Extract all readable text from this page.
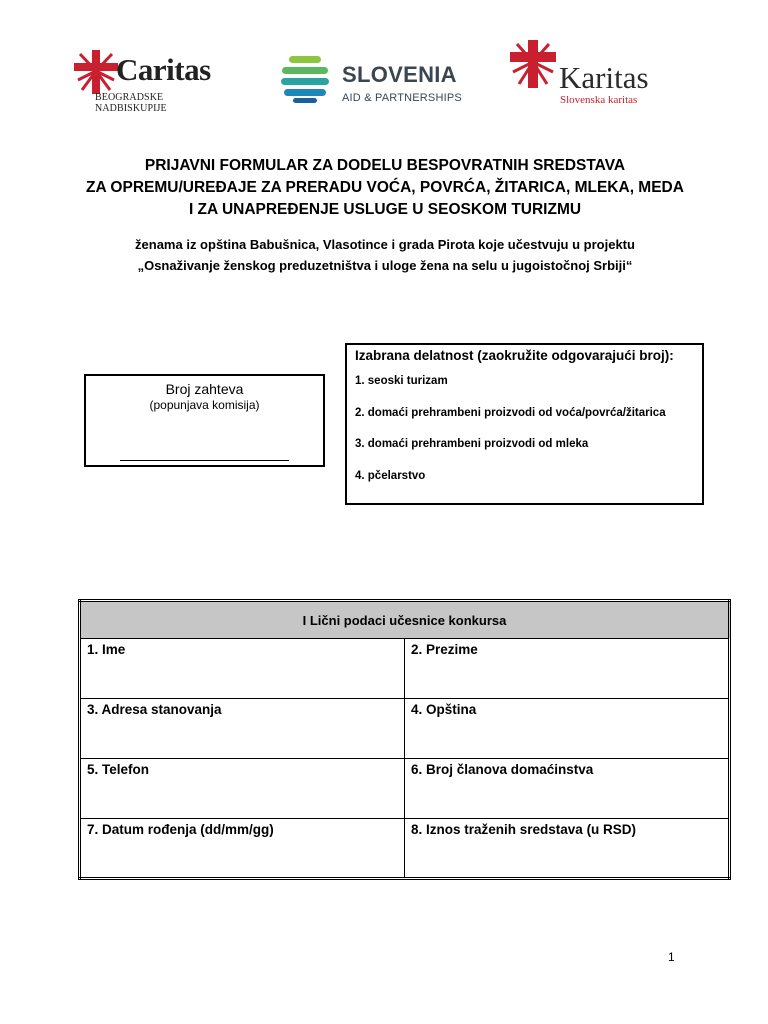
Caritas
BEOGRADSKE NADBISKUPIJE
SLOVENIA
AID & PARTNERSHIPS
Karitas
Slovenska karitas
PRIJAVNI FORMULAR ZA DODELU BESPOVRATNIH SREDSTAVA
ZA OPREMU/UREĐAJE ZA PRERADU VOĆA, POVRĆA, ŽITARICA, MLEKA, MEDA
I ZA UNAPREĐENJE USLUGE U SEOSKOM TURIZMU
ženama iz opština Babušnica, Vlasotince i grada Pirota koje učestvuju u projektu
„Osnaživanje ženskog preduzetništva i uloge žena na selu u jugoistočnoj Srbiji“
Broj zahteva
(popunjava komisija)
Izabrana delatnost (zaokružite odgovarajući broj):
1. seoski turizam
2. domaći prehrambeni proizvodi od voća/povrća/žitarica
3. domaći prehrambeni proizvodi od mleka
4. pčelarstvo
I Lični podaci učesnice konkursa	
1. Ime	2. Prezime
3. Adresa stanovanja	4. Opština
5. Telefon	6. Broj članova domaćinstva
7. Datum rođenja (dd/mm/gg)	8. Iznos traženih sredstava (u RSD)
1
